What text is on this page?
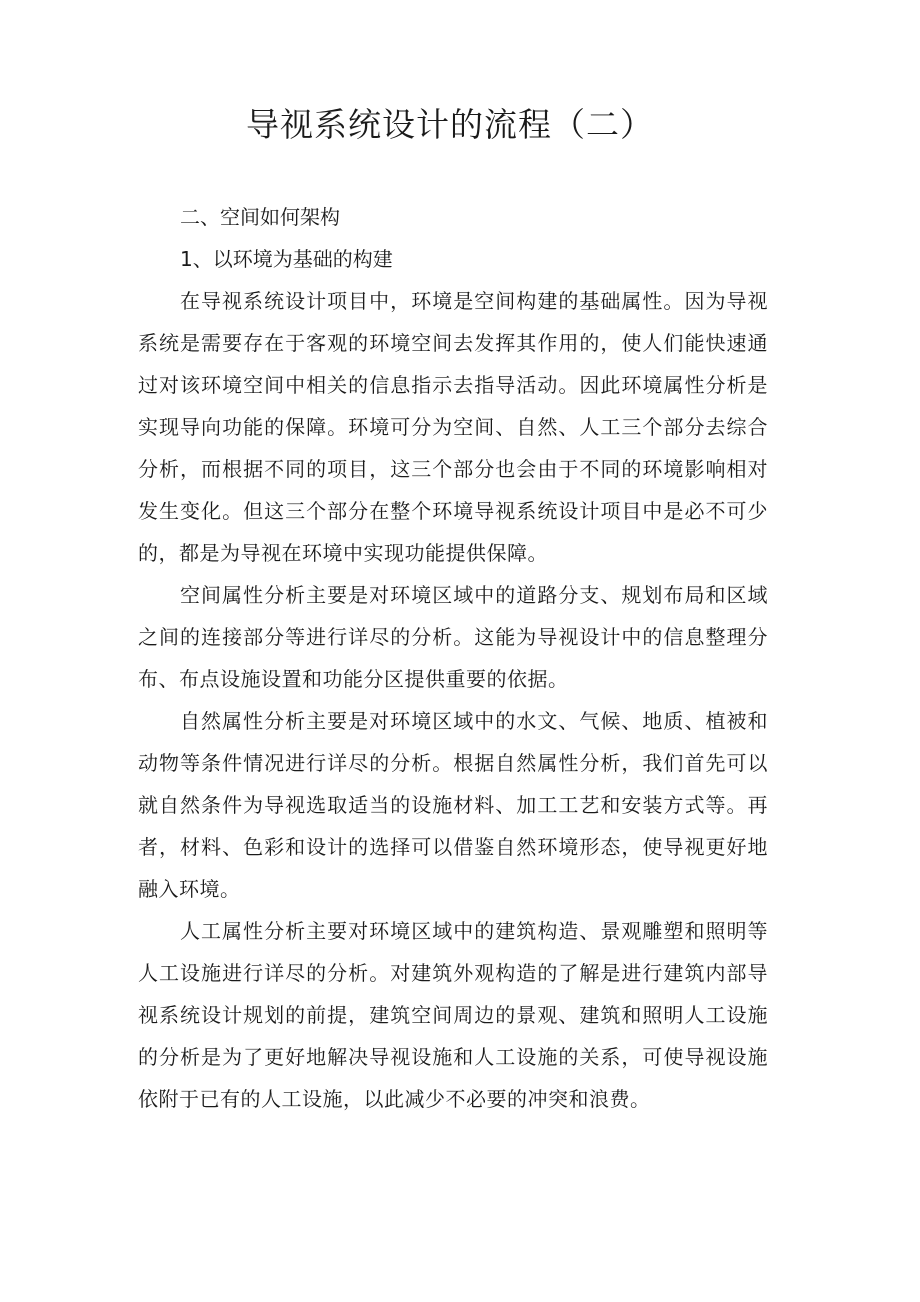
导视系统设计的流程（二）

二、空间如何架构

1、以环境为基础的构建

在导视系统设计项目中，环境是空间构建的基础属性。因为导视系统是需要存在于客观的环境空间去发挥其作用的，使人们能快速通过对该环境空间中相关的信息指示去指导活动。因此环境属性分析是实现导向功能的保障。环境可分为空间、自然、人工三个部分去综合分析，而根据不同的项目，这三个部分也会由于不同的环境影响相对发生变化。但这三个部分在整个环境导视系统设计项目中是必不可少的，都是为导视在环境中实现功能提供保障。

空间属性分析主要是对环境区域中的道路分支、规划布局和区域之间的连接部分等进行详尽的分析。这能为导视设计中的信息整理分布、布点设施设置和功能分区提供重要的依据。

自然属性分析主要是对环境区域中的水文、气候、地质、植被和动物等条件情况进行详尽的分析。根据自然属性分析，我们首先可以就自然条件为导视选取适当的设施材料、加工工艺和安装方式等。再者，材料、色彩和设计的选择可以借鉴自然环境形态，使导视更好地融入环境。

人工属性分析主要对环境区域中的建筑构造、景观雕塑和照明等人工设施进行详尽的分析。对建筑外观构造的了解是进行建筑内部导视系统设计规划的前提，建筑空间周边的景观、建筑和照明人工设施的分析是为了更好地解决导视设施和人工设施的关系，可使导视设施依附于已有的人工设施，以此减少不必要的冲突和浪费。
